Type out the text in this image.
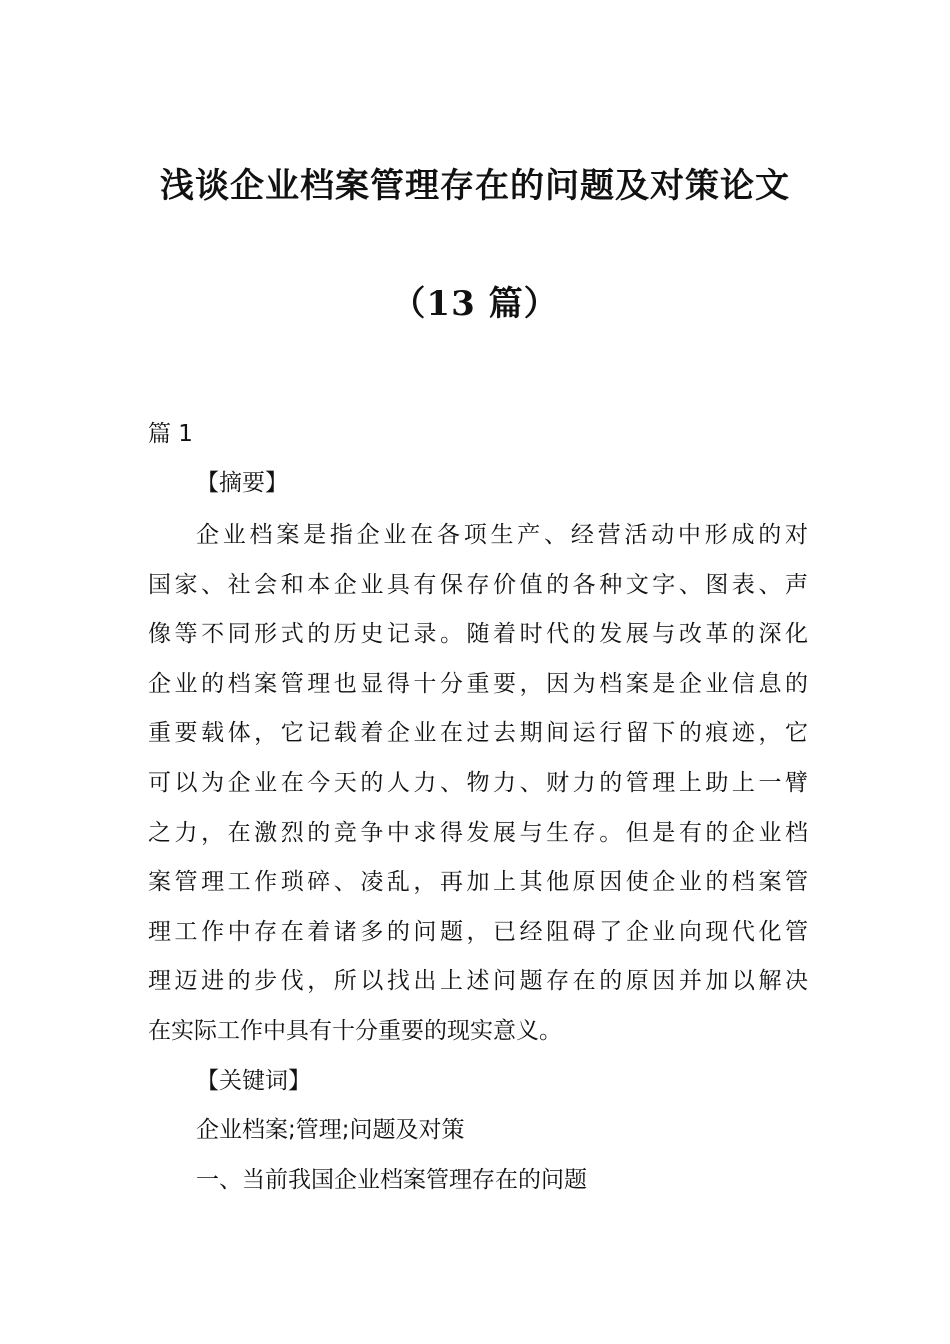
浅谈企业档案管理存在的问题及对策论文
（13 篇）

篇 1

【摘要】

企业档案是指企业在各项生产、经营活动中形成的对
国家、社会和本企业具有保存价值的各种文字、图表、声
像等不同形式的历史记录。随着时代的发展与改革的深化
企业的档案管理也显得十分重要，因为档案是企业信息的
重要载体，它记载着企业在过去期间运行留下的痕迹，它
可以为企业在今天的人力、物力、财力的管理上助上一臂
之力，在激烈的竞争中求得发展与生存。但是有的企业档
案管理工作琐碎、凌乱，再加上其他原因使企业的档案管
理工作中存在着诸多的问题，已经阻碍了企业向现代化管
理迈进的步伐，所以找出上述问题存在的原因并加以解决
在实际工作中具有十分重要的现实意义。

【关键词】

企业档案;管理;问题及对策

一、当前我国企业档案管理存在的问题
